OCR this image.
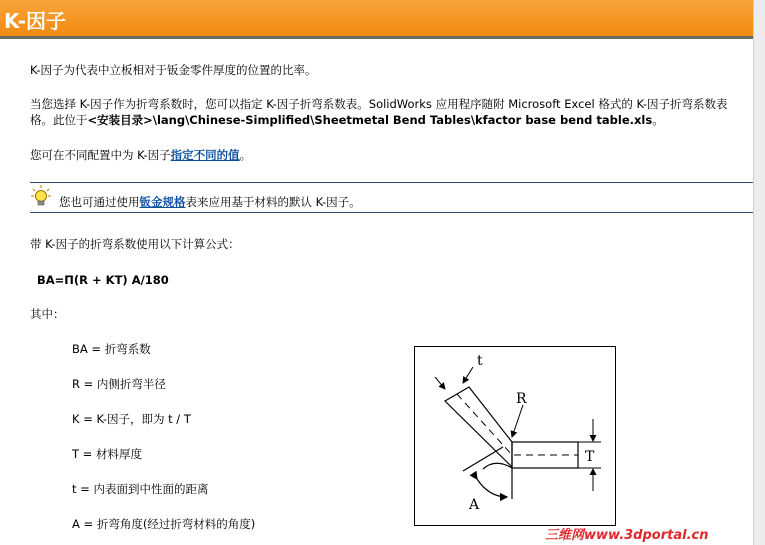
K-因子
K-因子为代表中立板相对于钣金零件厚度的位置的比率。
当您选择 K-因子作为折弯系数时，您可以指定 K-因子折弯系数表。SolidWorks 应用程序随附 Microsoft Excel 格式的 K-因子折弯系数表
格。此位于<安装目录>\lang\Chinese-Simplified\Sheetmetal Bend Tables\kfactor base bend table.xls。
您可在不同配置中为 K-因子指定不同的值。
您也可通过使用钣金规格表来应用基于材料的默认 K-因子。
带 K-因子的折弯系数使用以下计算公式：
BA=Π(R + KT) A/180
其中：
BA = 折弯系数
R = 内侧折弯半径
K = K-因子，即为 t / T
T = 材料厚度
t = 内表面到中性面的距离
A = 折弯角度(经过折弯材料的角度)
t
R
T
A
三维网www.3dportal.cn
